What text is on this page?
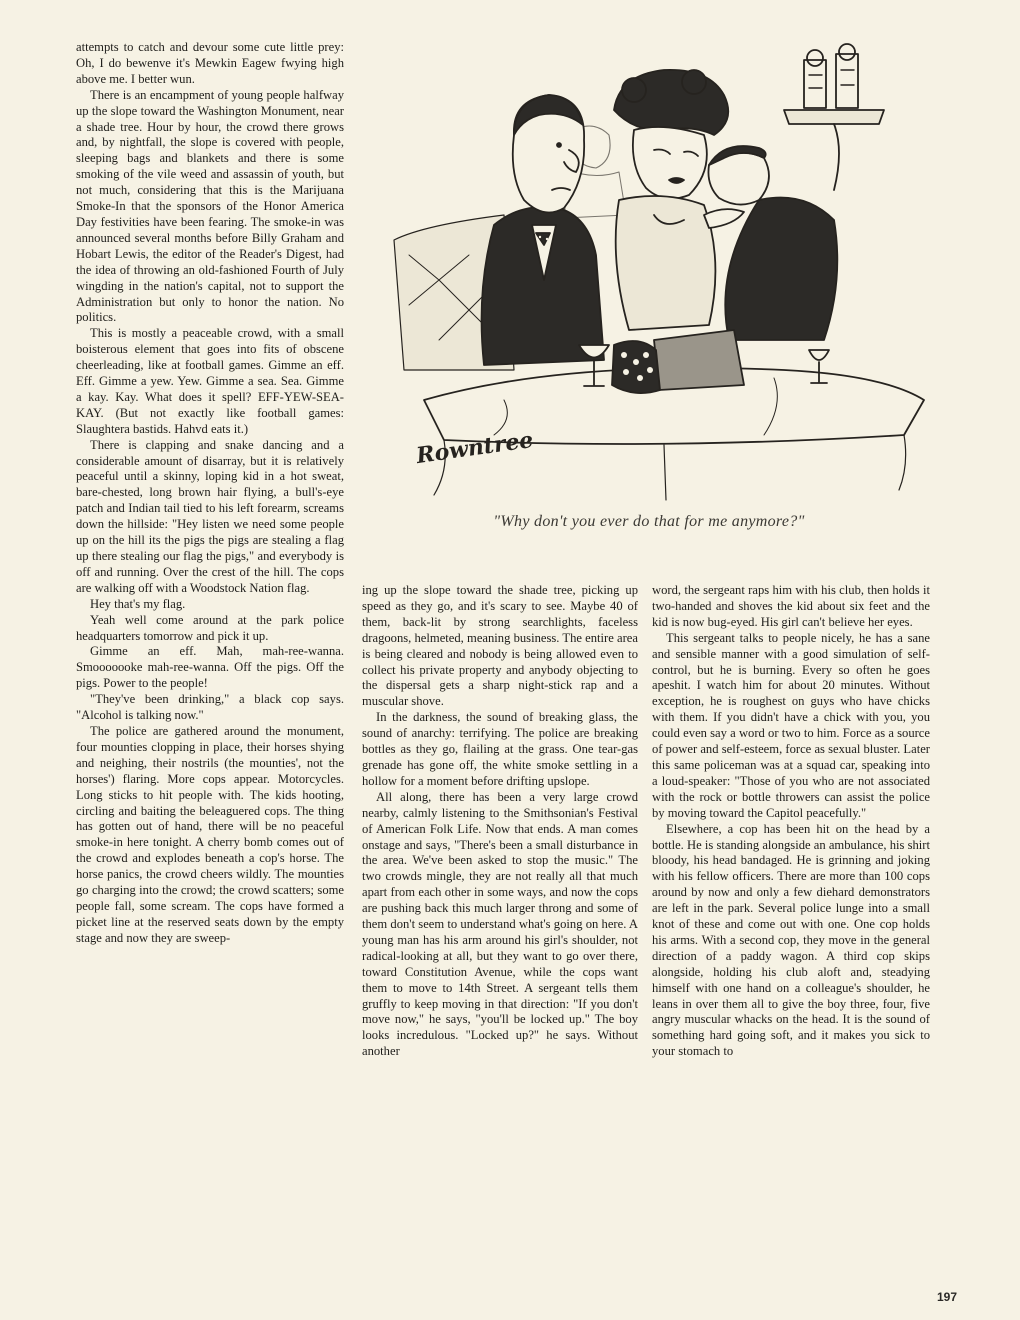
attempts to catch and devour some cute little prey: Oh, I do bewenve it's Mewkin Eagew fwying high above me. I better wun.

There is an encampment of young people halfway up the slope toward the Washington Monument, near a shade tree. Hour by hour, the crowd there grows and, by nightfall, the slope is covered with people, sleeping bags and blankets and there is some smoking of the vile weed and assassin of youth, but not much, considering that this is the Marijuana Smoke-In that the sponsors of the Honor America Day festivities have been fearing. The smoke-in was announced several months before Billy Graham and Hobart Lewis, the editor of the Reader's Digest, had the idea of throwing an old-fashioned Fourth of July wingding in the nation's capital, not to support the Administration but only to honor the nation. No politics.

This is mostly a peaceable crowd, with a small boisterous element that goes into fits of obscene cheerleading, like at football games. Gimme an eff. Eff. Gimme a yew. Yew. Gimme a sea. Sea. Gimme a kay. Kay. What does it spell? EFF-YEW-SEA-KAY. (But not exactly like football games: Slaughtera bastids. Hahvd eats it.)

There is clapping and snake dancing and a considerable amount of disarray, but it is relatively peaceful until a skinny, loping kid in a hot sweat, bare-chested, long brown hair flying, a bull's-eye patch and Indian tail tied to his left forearm, screams down the hillside: "Hey listen we need some people up on the hill its the pigs the pigs are stealing a flag up there stealing our flag the pigs," and everybody is off and running. Over the crest of the hill. The cops are walking off with a Woodstock Nation flag.

Hey that's my flag.

Yeah well come around at the park police headquarters tomorrow and pick it up.

Gimme an eff. Mah, mah-ree-wanna. Smooooooke mah-ree-wanna. Off the pigs. Off the pigs. Power to the people!

"They've been drinking," a black cop says. "Alcohol is talking now."

The police are gathered around the monument, four mounties clopping in place, their horses shying and neighing, their nostrils (the mounties', not the horses') flaring. More cops appear. Motorcycles. Long sticks to hit people with. The kids hooting, circling and baiting the beleaguered cops. The thing has gotten out of hand, there will be no peaceful smoke-in here tonight. A cherry bomb comes out of the crowd and explodes beneath a cop's horse. The horse panics, the crowd cheers wildly. The mounties go charging into the crowd; the crowd scatters; some people fall, some scream. The cops have formed a picket line at the reserved seats down by the empty stage and now they are sweep-

ing up the slope toward the shade tree, picking up speed as they go, and it's scary to see. Maybe 40 of them, back-lit by strong searchlights, faceless dragoons, helmeted, meaning business. The entire area is being cleared and nobody is being allowed even to collect his private property and anybody objecting to the dispersal gets a sharp night-stick rap and a muscular shove.

In the darkness, the sound of breaking glass, the sound of anarchy: terrifying. The police are breaking bottles as they go, flailing at the grass. One tear-gas grenade has gone off, the white smoke settling in a hollow for a moment before drifting upslope.

All along, there has been a very large crowd nearby, calmly listening to the Smithsonian's Festival of American Folk Life. Now that ends. A man comes onstage and says, "There's been a small disturbance in the area. We've been asked to stop the music." The two crowds mingle, they are not really all that much apart from each other in some ways, and now the cops are pushing back this much larger throng and some of them don't seem to understand what's going on here. A young man has his arm around his girl's shoulder, not radical-looking at all, but they want to go over there, toward Constitution Avenue, while the cops want them to move to 14th Street. A sergeant tells them gruffly to keep moving in that direction: "If you don't move now," he says, "you'll be locked up." The boy looks incredulous. "Locked up?" he says. Without another

word, the sergeant raps him with his club, then holds it two-handed and shoves the kid about six feet and the kid is now bug-eyed. His girl can't believe her eyes.

This sergeant talks to people nicely, he has a sane and sensible manner with a good simulation of self-control, but he is burning. Every so often he goes apeshit. I watch him for about 20 minutes. Without exception, he is roughest on guys who have chicks with them. If you didn't have a chick with you, you could even say a word or two to him. Force as a source of power and self-esteem, force as sexual bluster. Later this same policeman was at a squad car, speaking into a loud-speaker: "Those of you who are not associated with the rock or bottle throwers can assist the police by moving toward the Capitol peacefully."

Elsewhere, a cop has been hit on the head by a bottle. He is standing alongside an ambulance, his shirt bloody, his head bandaged. He is grinning and joking with his fellow officers. There are more than 100 cops around by now and only a few diehard demonstrators are left in the park. Several police lunge into a small knot of these and come out with one. One cop holds his arms. With a second cop, they move in the general direction of a paddy wagon. A third cop skips alongside, holding his club aloft and, steadying himself with one hand on a colleague's shoulder, he leans in over them all to give the boy three, four, five angry muscular whacks on the head. It is the sound of something hard going soft, and it makes you sick to your stomach to

Rowntree
"Why don't you ever do that for me anymore?"
197
